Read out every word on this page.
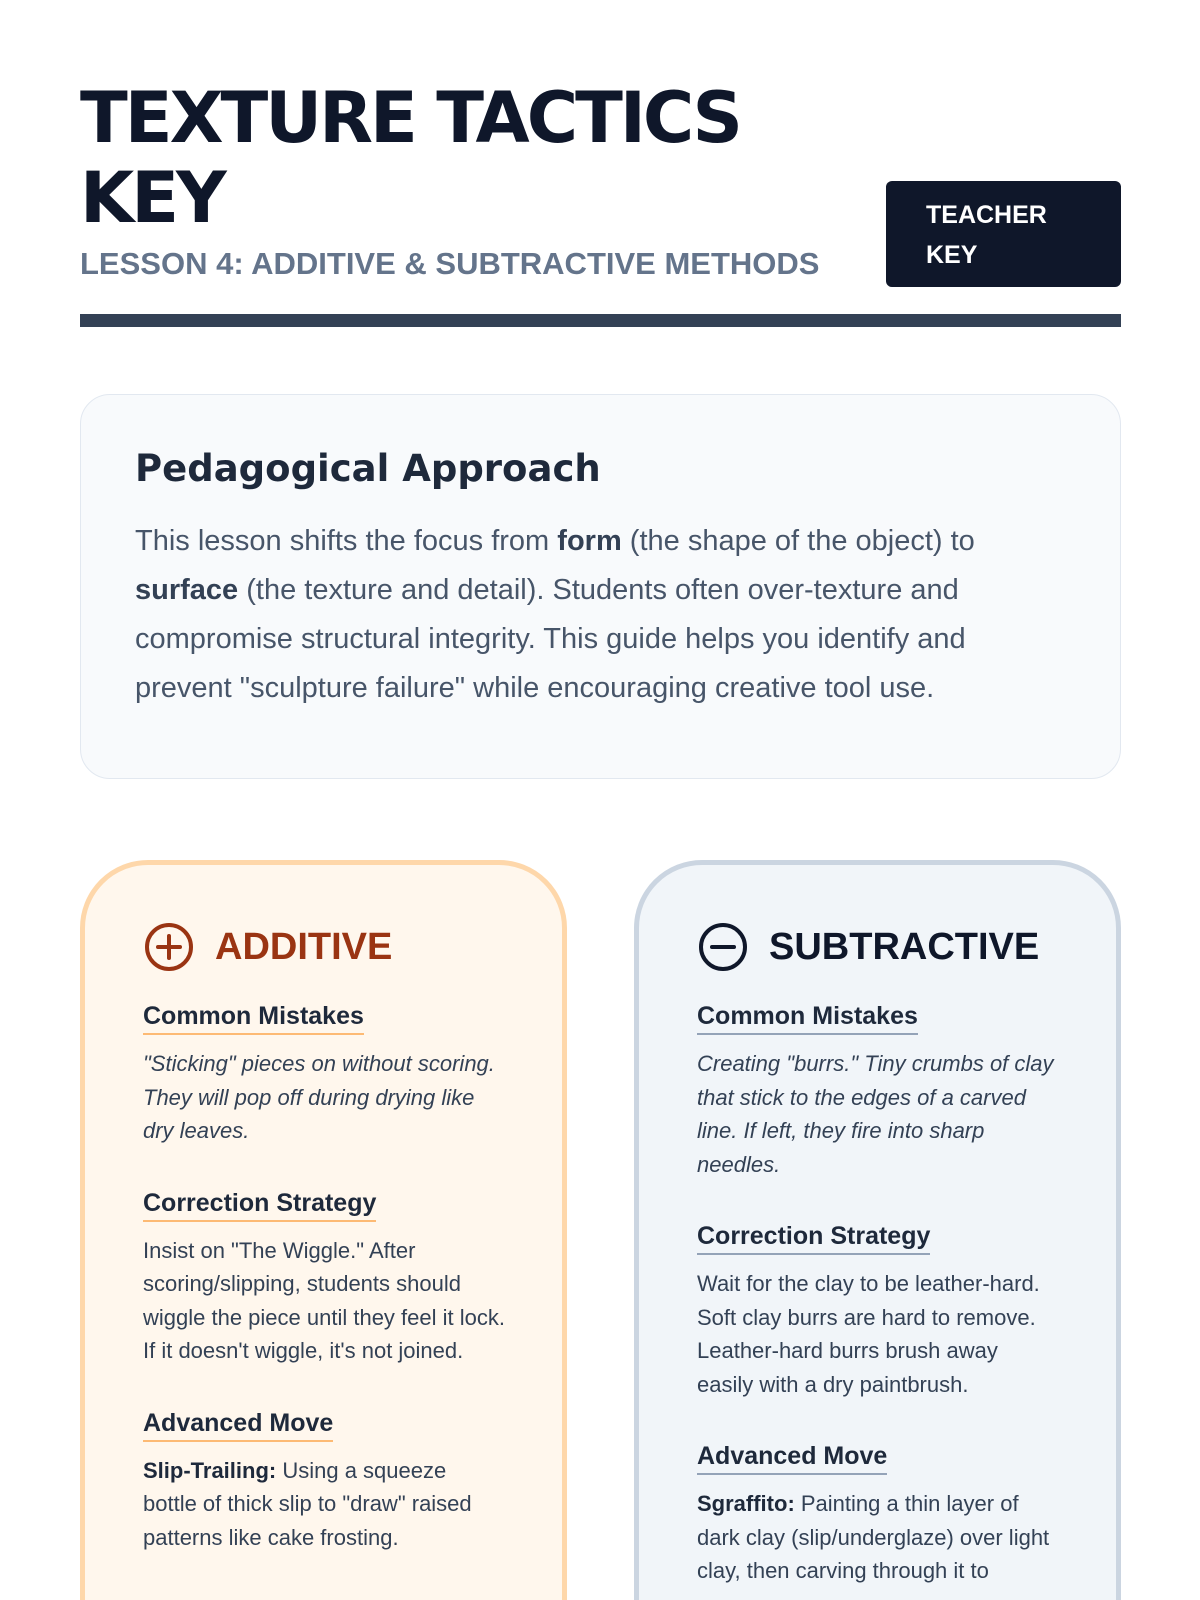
TEXTURE TACTICS
KEY
LESSON 4: ADDITIVE & SUBTRACTIVE METHODS
TEACHER KEY
Pedagogical Approach

This lesson shifts the focus from form (the shape of the object) to surface (the texture and detail). Students often over-texture and compromise structural integrity. This guide helps you identify and prevent "sculpture failure" while encouraging creative tool use.

ADDITIVE
Common Mistakes

"Sticking" pieces on without scoring. They will pop off during drying like dry leaves.

Correction Strategy

Insist on "The Wiggle." After scoring/slipping, students should wiggle the piece until they feel it lock. If it doesn't wiggle, it's not joined.

Advanced Move

Slip-Trailing: Using a squeeze bottle of thick slip to "draw" raised patterns like cake frosting.

SUBTRACTIVE
Common Mistakes

Creating "burrs." Tiny crumbs of clay that stick to the edges of a carved line. If left, they fire into sharp needles.

Correction Strategy

Wait for the clay to be leather-hard. Soft clay burrs are hard to remove. Leather-hard burrs brush away easily with a dry paintbrush.

Advanced Move

Sgraffito: Painting a thin layer of dark clay (slip/underglaze) over light clay, then carving through it to
